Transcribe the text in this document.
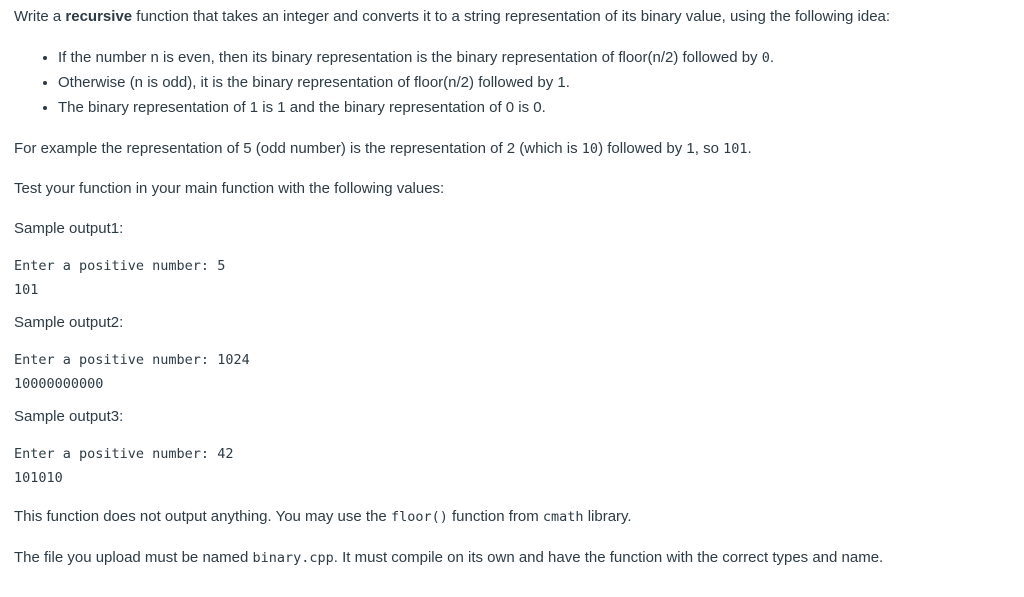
Write a recursive function that takes an integer and converts it to a string representation of its binary value, using the following idea:

• If the number n is even, then its binary representation is the binary representation of floor(n/2) followed by 0.
• Otherwise (n is odd), it is the binary representation of floor(n/2) followed by 1.
• The binary representation of 1 is 1 and the binary representation of 0 is 0.

For example the representation of 5 (odd number) is the representation of 2 (which is 10) followed by 1, so 101.

Test your function in your main function with the following values:

Sample output1:

Enter a positive number: 5
101

Sample output2:

Enter a positive number: 1024
10000000000

Sample output3:

Enter a positive number: 42
101010

This function does not output anything. You may use the floor() function from cmath library.

The file you upload must be named binary.cpp. It must compile on its own and have the function with the correct types and name.
